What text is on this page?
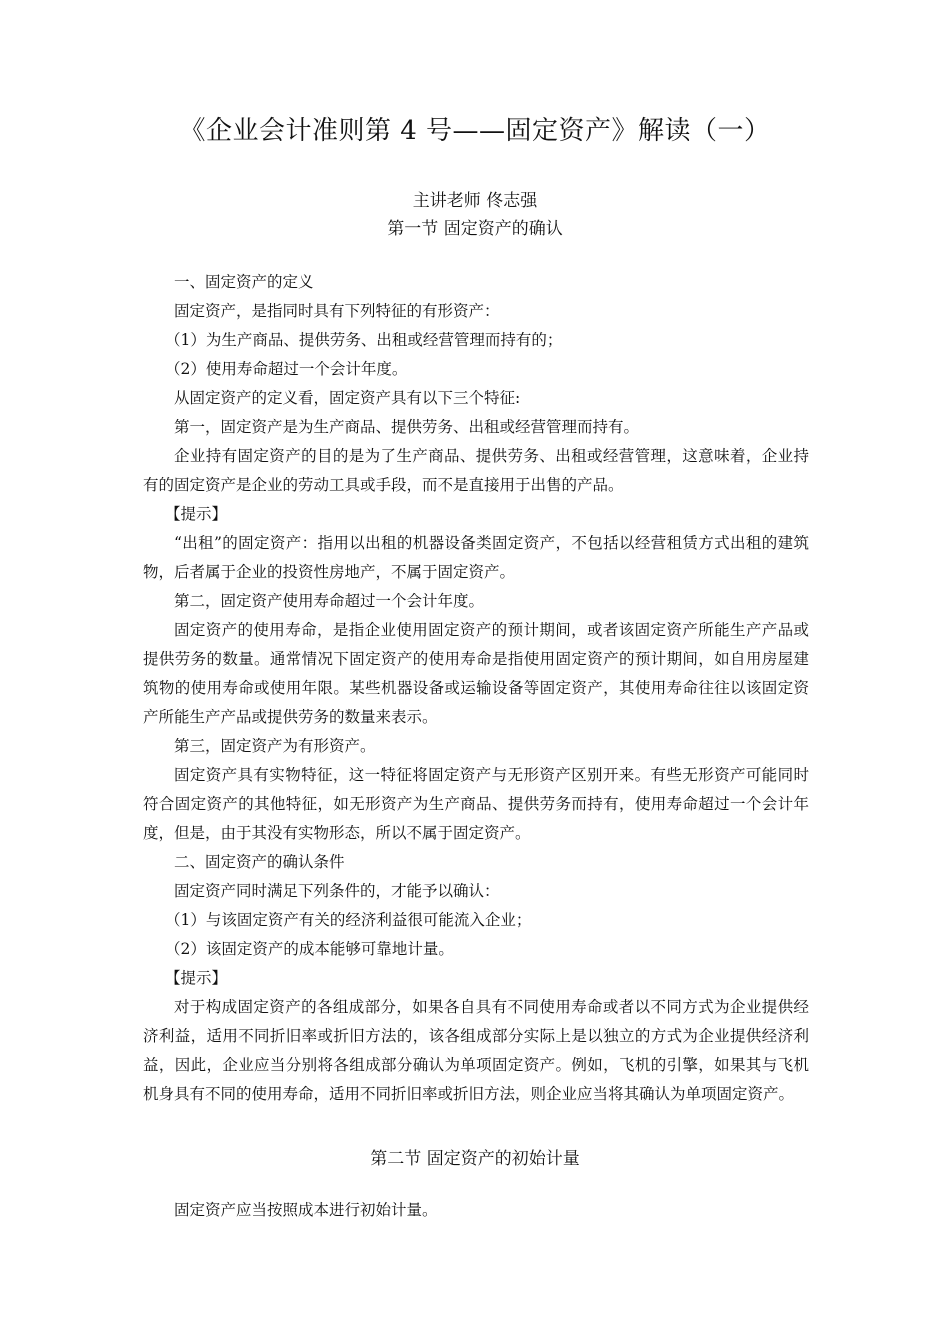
《企业会计准则第 4 号——固定资产》解读（一）
主讲老师 佟志强
第一节 固定资产的确认

一、固定资产的定义

固定资产，是指同时具有下列特征的有形资产：

（1）为生产商品、提供劳务、出租或经营管理而持有的；

（2）使用寿命超过一个会计年度。

从固定资产的定义看，固定资产具有以下三个特征:

第一，固定资产是为生产商品、提供劳务、出租或经营管理而持有。

企业持有固定资产的目的是为了生产商品、提供劳务、出租或经营管理，这意味着，企业持有的固定资产是企业的劳动工具或手段，而不是直接用于出售的产品。

【提示】

“出租”的固定资产：指用以出租的机器设备类固定资产，不包括以经营租赁方式出租的建筑物，后者属于企业的投资性房地产，不属于固定资产。

第二，固定资产使用寿命超过一个会计年度。

固定资产的使用寿命，是指企业使用固定资产的预计期间，或者该固定资产所能生产产品或提供劳务的数量。通常情况下固定资产的使用寿命是指使用固定资产的预计期间，如自用房屋建筑物的使用寿命或使用年限。某些机器设备或运输设备等固定资产，其使用寿命往往以该固定资产所能生产产品或提供劳务的数量来表示。

第三，固定资产为有形资产。

固定资产具有实物特征，这一特征将固定资产与无形资产区别开来。有些无形资产可能同时符合固定资产的其他特征，如无形资产为生产商品、提供劳务而持有，使用寿命超过一个会计年度，但是，由于其没有实物形态，所以不属于固定资产。

二、固定资产的确认条件

固定资产同时满足下列条件的，才能予以确认：

（1）与该固定资产有关的经济利益很可能流入企业；

（2）该固定资产的成本能够可靠地计量。

【提示】

对于构成固定资产的各组成部分，如果各自具有不同使用寿命或者以不同方式为企业提供经济利益，适用不同折旧率或折旧方法的，该各组成部分实际上是以独立的方式为企业提供经济利益，因此，企业应当分别将各组成部分确认为单项固定资产。例如，飞机的引擎，如果其与飞机机身具有不同的使用寿命，适用不同折旧率或折旧方法，则企业应当将其确认为单项固定资产。

第二节 固定资产的初始计量

固定资产应当按照成本进行初始计量。
